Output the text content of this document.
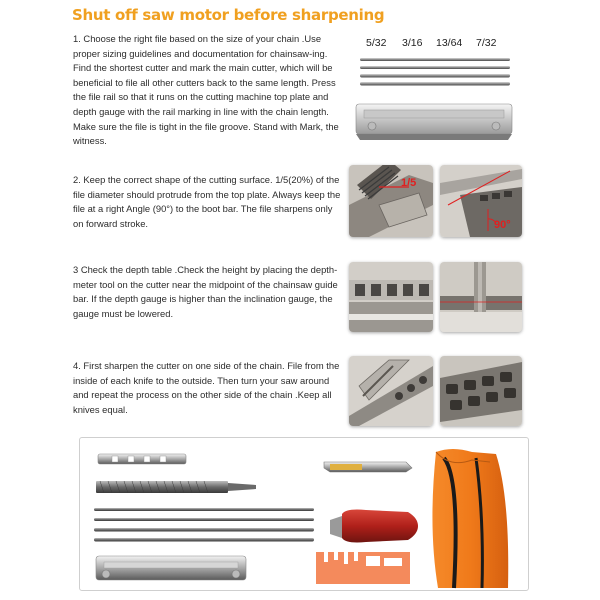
Shut off saw motor before sharpening

1. Choose the right file based on the size of your chain .Use proper sizing guidelines and documentation for chainsaw-ing. Find the shortest cutter and mark the main cutter, which will be beneficial to file all other cutters back to the same length. Press the file rail so that it runs on the cutting machine top plate and depth gauge with the rail marking in line with the chain length. Make sure the file is tight in the file groove. Stand with Mark, the witness.

5/32 3/16 13/64 7/32

2. Keep the correct shape of the cutting surface. 1/5(20%) of the file diameter should protrude from the top plate. Always keep the file at a right Angle (90°) to the boot bar. The file sharpens only on forward stroke.

1/5
90°

3 Check the depth table .Check the height by placing the depth-meter tool on the cutter near the midpoint of the chainsaw guide bar. If the depth gauge is higher than the inclination gauge, the gauge must be lowered.

4. First sharpen the cutter on one side of the chain. File from the inside of each knife to the outside. Then turn your saw around and repeat the process on the other side of the chain .Keep all knives equal.
